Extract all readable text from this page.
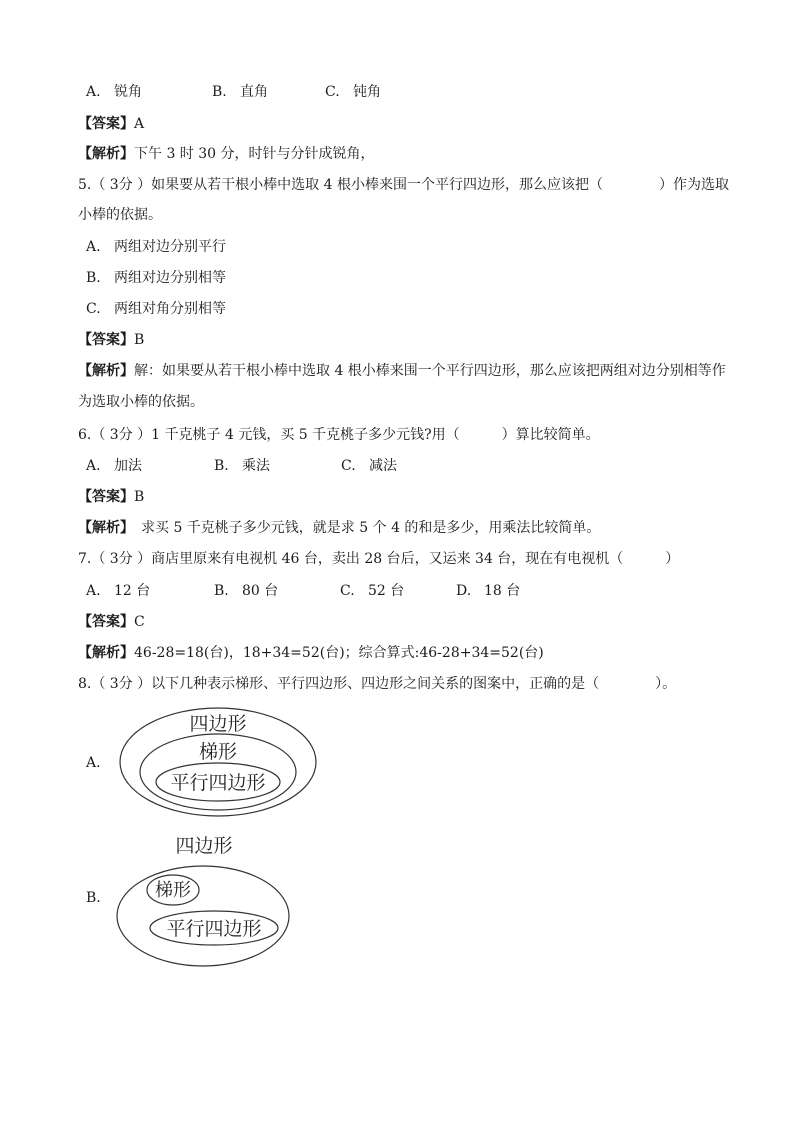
A. 锐角	B. 直角	C. 钝角
【答案】A
【解析】下午 3 时 30 分，时针与分针成锐角，
5.（ 3分 ）如果要从若干根小棒中选取 4 根小棒来围一个平行四边形，那么应该把（　　　　）作为选取
小棒的依据。
A. 两组对边分别平行
B. 两组对边分别相等
C. 两组对角分别相等
【答案】B
【解析】解：如果要从若干根小棒中选取 4 根小棒来围一个平行四边形，那么应该把两组对边分别相等作
为选取小棒的依据。
6.（ 3分 ）1 千克桃子 4 元钱，买 5 千克桃子多少元钱?用（　　　）算比较简单。
A. 加法	B. 乘法	C. 减法
【答案】B
【解析】　求买 5 千克桃子多少元钱，就是求 5 个 4 的和是多少，用乘法比较简单。
7.（ 3分 ）商店里原来有电视机 46 台，卖出 28 台后，又运来 34 台，现在有电视机（　　　）
A. 12 台	B. 80 台	C. 52 台	D. 18 台
【答案】C
【解析】46-28=18(台)，18+34=52(台)；综合算式:46-28+34=52(台)
8.（ 3分 ）以下几种表示梯形、平行四边形、四边形之间关系的图案中，正确的是（　　　　）。
A.
四边形
梯形
平行四边形
B.
四边形
梯形
平行四边形
